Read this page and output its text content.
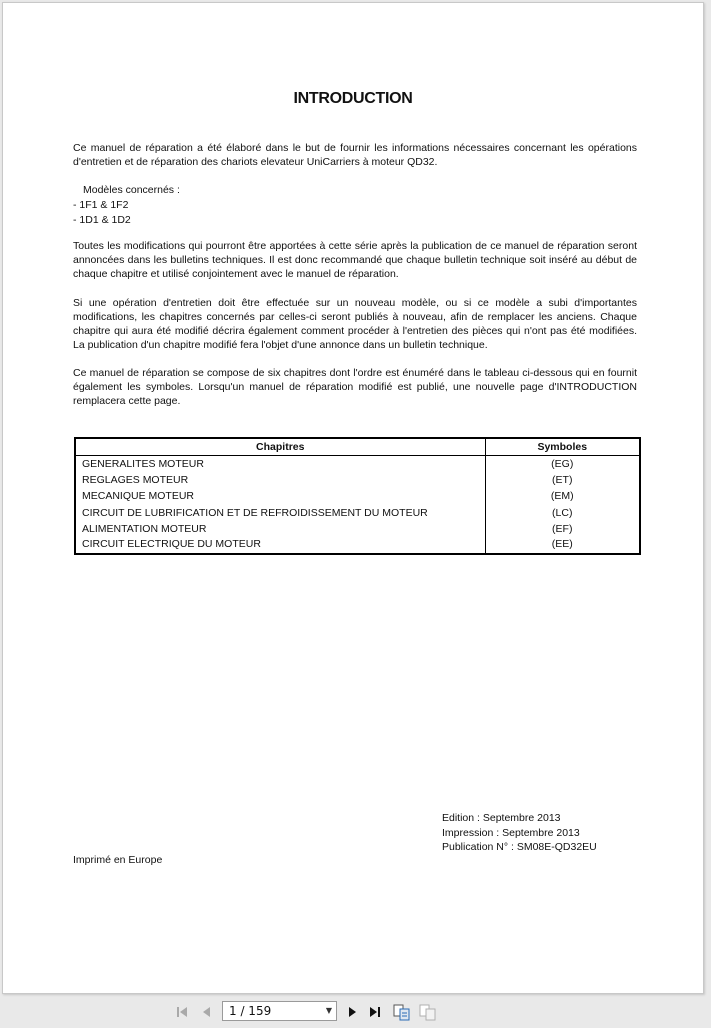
INTRODUCTION

Ce manuel de réparation a été élaboré dans le but de fournir les informations nécessaires concernant les opérations d'entretien et de réparation des chariots elevateur UniCarriers à moteur QD32.

Modèles concernés :
- 1F1 & 1F2
- 1D1 & 1D2

Toutes les modifications qui pourront être apportées à cette série après la publication de ce manuel de réparation seront annoncées dans les bulletins techniques. Il est donc recommandé que chaque bulletin technique soit inséré au début de chaque chapitre et utilisé conjointement avec le manuel de réparation.

Si une opération d'entretien doit être effectuée sur un nouveau modèle, ou si ce modèle a subi d'importantes modifications, les chapitres concernés par celles-ci seront publiés à nouveau, afin de remplacer les anciens. Chaque chapitre qui aura été modifié décrira également comment procéder à l'entretien des pièces qui n'ont pas été modifiées. La publication d'un chapitre modifié fera l'objet d'une annonce dans un bulletin technique.

Ce manuel de réparation se compose de six chapitres dont l'ordre est énuméré dans le tableau ci-dessous qui en fournit également les symboles. Lorsqu'un manuel de réparation modifié est publié, une nouvelle page d'INTRODUCTION remplacera cette page.

Chapitres	Symboles
GENERALITES MOTEUR	(EG)
REGLAGES MOTEUR	(ET)
MECANIQUE MOTEUR	(EM)
CIRCUIT DE LUBRIFICATION ET DE REFROIDISSEMENT DU MOTEUR	(LC)
ALIMENTATION MOTEUR	(EF)
CIRCUIT ELECTRIQUE DU MOTEUR	(EE)
Edition : Septembre 2013
Impression : Septembre 2013
Publication N° : SM08E-QD32EU
Imprimé en Europe
1 / 159	▼
